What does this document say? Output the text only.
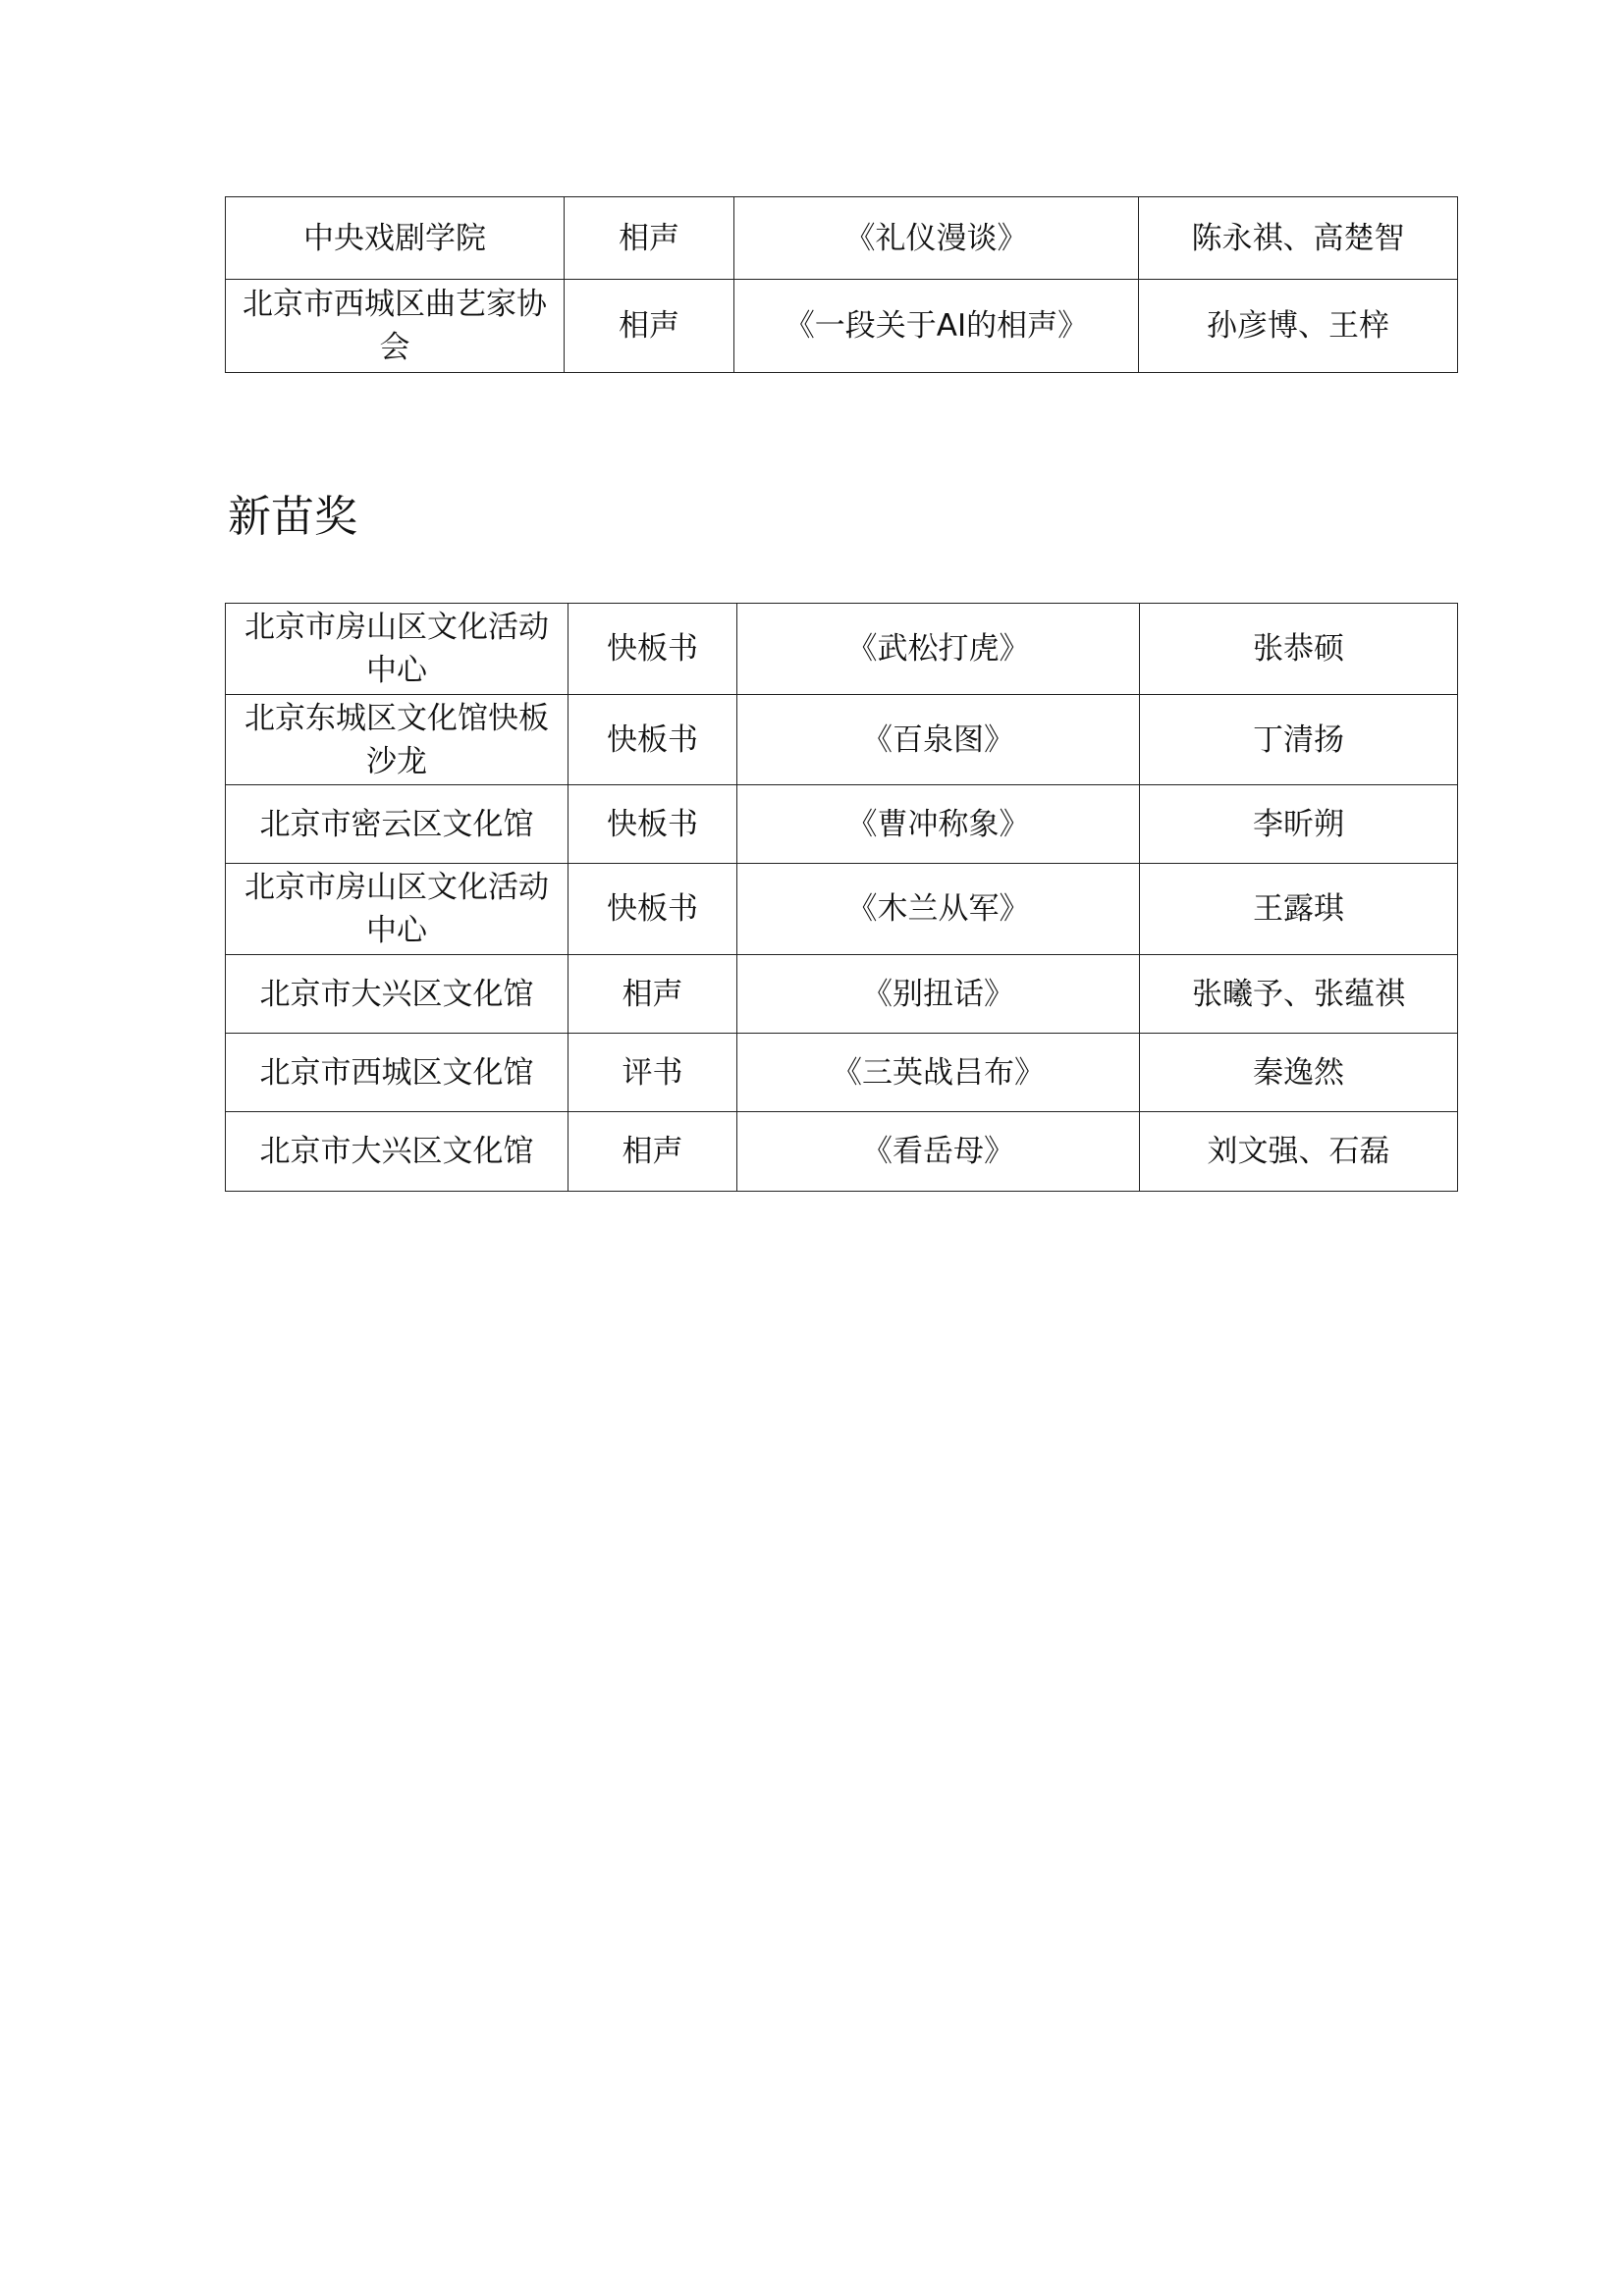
中央戏剧学院	相声	《礼仪漫谈》	陈永祺、高楚智
北京市西城区曲艺家协会	相声	《一段关于AI的相声》	孙彦博、王梓
新苗奖
北京市房山区文化活动中心	快板书	《武松打虎》	张恭硕
北京东城区文化馆快板沙龙	快板书	《百泉图》	丁清扬
北京市密云区文化馆	快板书	《曹冲称象》	李昕朔
北京市房山区文化活动中心	快板书	《木兰从军》	王露琪
北京市大兴区文化馆	相声	《别扭话》	张曦予、张蕴祺
北京市西城区文化馆	评书	《三英战吕布》	秦逸然
北京市大兴区文化馆	相声	《看岳母》	刘文强、石磊
